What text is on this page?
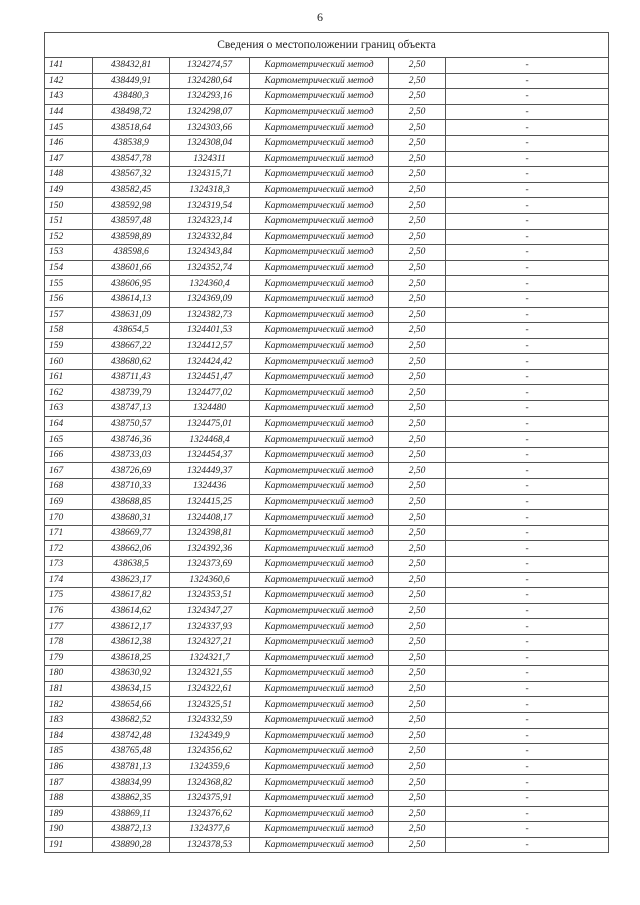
6
Сведения о местоположении границ объекта					
141	438432,81	1324274,57	Картометрический метод	2,50	-
142	438449,91	1324280,64	Картометрический метод	2,50	-
143	438480,3	1324293,16	Картометрический метод	2,50	-
144	438498,72	1324298,07	Картометрический метод	2,50	-
145	438518,64	1324303,66	Картометрический метод	2,50	-
146	438538,9	1324308,04	Картометрический метод	2,50	-
147	438547,78	1324311	Картометрический метод	2,50	-
148	438567,32	1324315,71	Картометрический метод	2,50	-
149	438582,45	1324318,3	Картометрический метод	2,50	-
150	438592,98	1324319,54	Картометрический метод	2,50	-
151	438597,48	1324323,14	Картометрический метод	2,50	-
152	438598,89	1324332,84	Картометрический метод	2,50	-
153	438598,6	1324343,84	Картометрический метод	2,50	-
154	438601,66	1324352,74	Картометрический метод	2,50	-
155	438606,95	1324360,4	Картометрический метод	2,50	-
156	438614,13	1324369,09	Картометрический метод	2,50	-
157	438631,09	1324382,73	Картометрический метод	2,50	-
158	438654,5	1324401,53	Картометрический метод	2,50	-
159	438667,22	1324412,57	Картометрический метод	2,50	-
160	438680,62	1324424,42	Картометрический метод	2,50	-
161	438711,43	1324451,47	Картометрический метод	2,50	-
162	438739,79	1324477,02	Картометрический метод	2,50	-
163	438747,13	1324480	Картометрический метод	2,50	-
164	438750,57	1324475,01	Картометрический метод	2,50	-
165	438746,36	1324468,4	Картометрический метод	2,50	-
166	438733,03	1324454,37	Картометрический метод	2,50	-
167	438726,69	1324449,37	Картометрический метод	2,50	-
168	438710,33	1324436	Картометрический метод	2,50	-
169	438688,85	1324415,25	Картометрический метод	2,50	-
170	438680,31	1324408,17	Картометрический метод	2,50	-
171	438669,77	1324398,81	Картометрический метод	2,50	-
172	438662,06	1324392,36	Картометрический метод	2,50	-
173	438638,5	1324373,69	Картометрический метод	2,50	-
174	438623,17	1324360,6	Картометрический метод	2,50	-
175	438617,82	1324353,51	Картометрический метод	2,50	-
176	438614,62	1324347,27	Картометрический метод	2,50	-
177	438612,17	1324337,93	Картометрический метод	2,50	-
178	438612,38	1324327,21	Картометрический метод	2,50	-
179	438618,25	1324321,7	Картометрический метод	2,50	-
180	438630,92	1324321,55	Картометрический метод	2,50	-
181	438634,15	1324322,61	Картометрический метод	2,50	-
182	438654,66	1324325,51	Картометрический метод	2,50	-
183	438682,52	1324332,59	Картометрический метод	2,50	-
184	438742,48	1324349,9	Картометрический метод	2,50	-
185	438765,48	1324356,62	Картометрический метод	2,50	-
186	438781,13	1324359,6	Картометрический метод	2,50	-
187	438834,99	1324368,82	Картометрический метод	2,50	-
188	438862,35	1324375,91	Картометрический метод	2,50	-
189	438869,11	1324376,62	Картометрический метод	2,50	-
190	438872,13	1324377,6	Картометрический метод	2,50	-
191	438890,28	1324378,53	Картометрический метод	2,50	-
